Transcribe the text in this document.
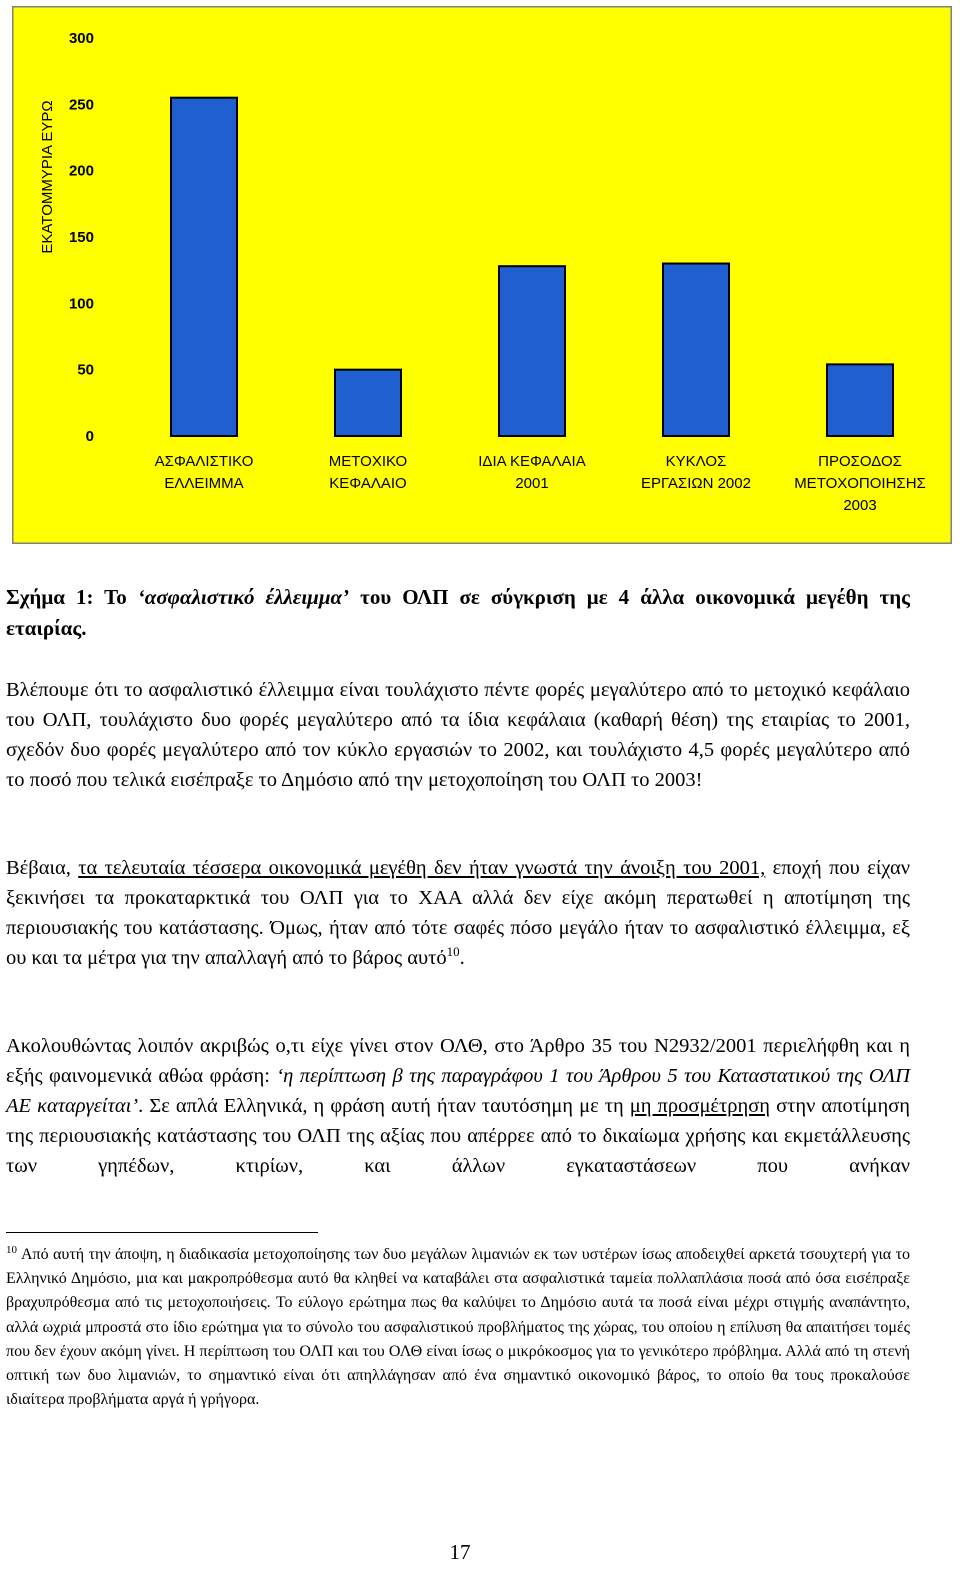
ΕΚΑΤΟΜΜΥΡΙΑ ΕΥΡΩ
0
50
100
150
200
250
300
ΑΣΦΑΛΙΣΤΙΚΟ ΕΛΛΕΙΜΜΑ
ΜΕΤΟΧΙΚΟ ΚΕΦΑΛΑΙΟ
ΙΔΙΑ ΚΕΦΑΛΑΙΑ 2001
ΚΥΚΛΟΣ ΕΡΓΑΣΙΩΝ 2002
ΠΡΟΣΟΔΟΣ ΜΕΤΟΧΟΠΟΙΗΣΗΣ 2003
Σχήμα 1: Το ‘ασφαλιστικό έλλειμμα’ του ΟΛΠ σε σύγκριση με 4 άλλα οικονομικά μεγέθη της εταιρίας.

Βλέπουμε ότι το ασφαλιστικό έλλειμμα είναι τουλάχιστο πέντε φορές μεγαλύτερο από το μετοχικό κεφάλαιο του ΟΛΠ, τουλάχιστο δυο φορές μεγαλύτερο από τα ίδια κεφάλαια (καθαρή θέση) της εταιρίας το 2001, σχεδόν δυο φορές μεγαλύτερο από τον κύκλο εργασιών το 2002, και τουλάχιστο 4,5 φορές μεγαλύτερο από το ποσό που τελικά εισέπραξε το Δημόσιο από την μετοχοποίηση του ΟΛΠ το 2003!

Βέβαια, τα τελευταία τέσσερα οικονομικά μεγέθη δεν ήταν γνωστά την άνοιξη του 2001, εποχή που είχαν ξεκινήσει τα προκαταρκτικά του ΟΛΠ για το ΧΑΑ αλλά δεν είχε ακόμη περατωθεί η αποτίμηση της περιουσιακής του κατάστασης. Όμως, ήταν από τότε σαφές πόσο μεγάλο ήταν το ασφαλιστικό έλλειμμα, εξ ου και τα μέτρα για την απαλλαγή από το βάρος αυτό$^{10}$.

Ακολουθώντας λοιπόν ακριβώς ο,τι είχε γίνει στον ΟΛΘ, στο Άρθρο 35 του Ν2932/2001 περιελήφθη και η εξής φαινομενικά αθώα φράση: ‘η περίπτωση β της παραγράφου 1 του Άρθρου 5 του Καταστατικού της ΟΛΠ ΑΕ καταργείται’. Σε απλά Ελληνικά, η φράση αυτή ήταν ταυτόσημη με τη μη προσμέτρηση στην αποτίμηση της περιουσιακής κατάστασης του ΟΛΠ της αξίας που απέρρεε από το δικαίωμα χρήσης και εκμετάλλευσης των γηπέδων, κτιρίων, και άλλων εγκαταστάσεων που ανήκαν

$^{10}$ Από αυτή την άποψη, η διαδικασία μετοχοποίησης των δυο μεγάλων λιμανιών εκ των υστέρων ίσως αποδειχθεί αρκετά τσουχτερή για το Ελληνικό Δημόσιο, μια και μακροπρόθεσμα αυτό θα κληθεί να καταβάλει στα ασφαλιστικά ταμεία πολλαπλάσια ποσά από όσα εισέπραξε βραχυπρόθεσμα από τις μετοχοποιήσεις. Το εύλογο ερώτημα πως θα καλύψει το Δημόσιο αυτά τα ποσά είναι μέχρι στιγμής αναπάντητο, αλλά ωχριά μπροστά στο ίδιο ερώτημα για το σύνολο του ασφαλιστικού προβλήματος της χώρας, του οποίου η επίλυση θα απαιτήσει τομές που δεν έχουν ακόμη γίνει. Η περίπτωση του ΟΛΠ και του ΟΛΘ είναι ίσως ο μικρόκοσμος για το γενικότερο πρόβλημα. Αλλά από τη στενή οπτική των δυο λιμανιών, το σημαντικό είναι ότι απηλλάγησαν από ένα σημαντικό οικονομικό βάρος, το οποίο θα τους προκαλούσε ιδιαίτερα προβλήματα αργά ή γρήγορα.

17
